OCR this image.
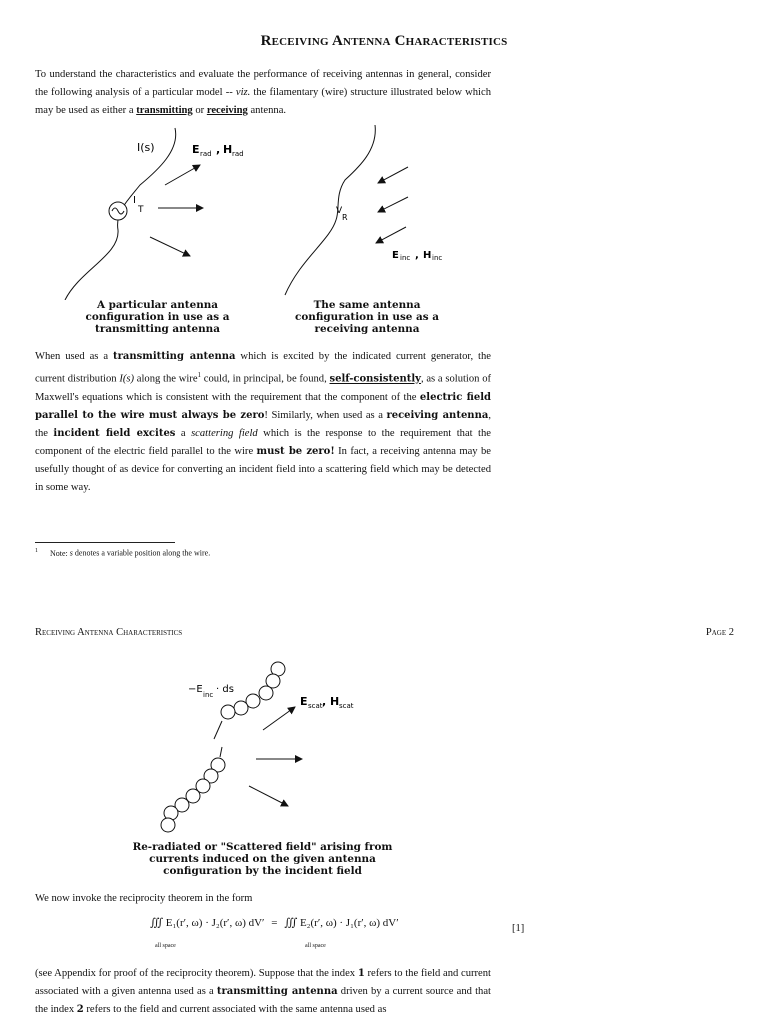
Receiving Antenna Characteristics
To understand the characteristics and evaluate the performance of receiving antennas in general, consider the following analysis of a particular model -- viz. the filamentary (wire) structure illustrated below which may be used as either a transmitting or receiving antenna.
I(s)	E rad , H rad
I
T	V
R
E inc , H inc
A particular antenna configuration in use as a transmitting antenna
The same antenna configuration in use as a receiving antenna
When used as a transmitting antenna which is excited by the indicated current generator, the current distribution I(s) along the wire$^1$ could, in principal, be found, self-consistently, as a solution of Maxwell's equations which is consistent with the requirement that the component of the electric field parallel to the wire must always be zero! Similarly, when used as a receiving antenna, the incident field excites a scattering field which is the response to the requirement that the component of the electric field parallel to the wire must be zero! In fact, a receiving antenna may be usefully thought of as device for converting an incident field into a scattering field which may be detected in some way.
$^1$ Note: s denotes a variable position along the wire.
Receiving Antenna Characteristics	Page 2
−E inc · ds
E scat , H scat
Re-radiated or "Scattered field" arising from currents induced on the given antenna configuration by the incident field
We now invoke the reciprocity theorem in the form
∭ E₁(r′, ω) · J₂(r′, ω) dV′ = ∭ E₂(r′, ω) · J₁(r′, ω) dV′
all space	all space
[1]
(see Appendix for proof of the reciprocity theorem). Suppose that the index 1 refers to the field and current associated with a given antenna used as a transmitting antenna driven by a current source and that the index 2 refers to the field and current associated with the same antenna used as
